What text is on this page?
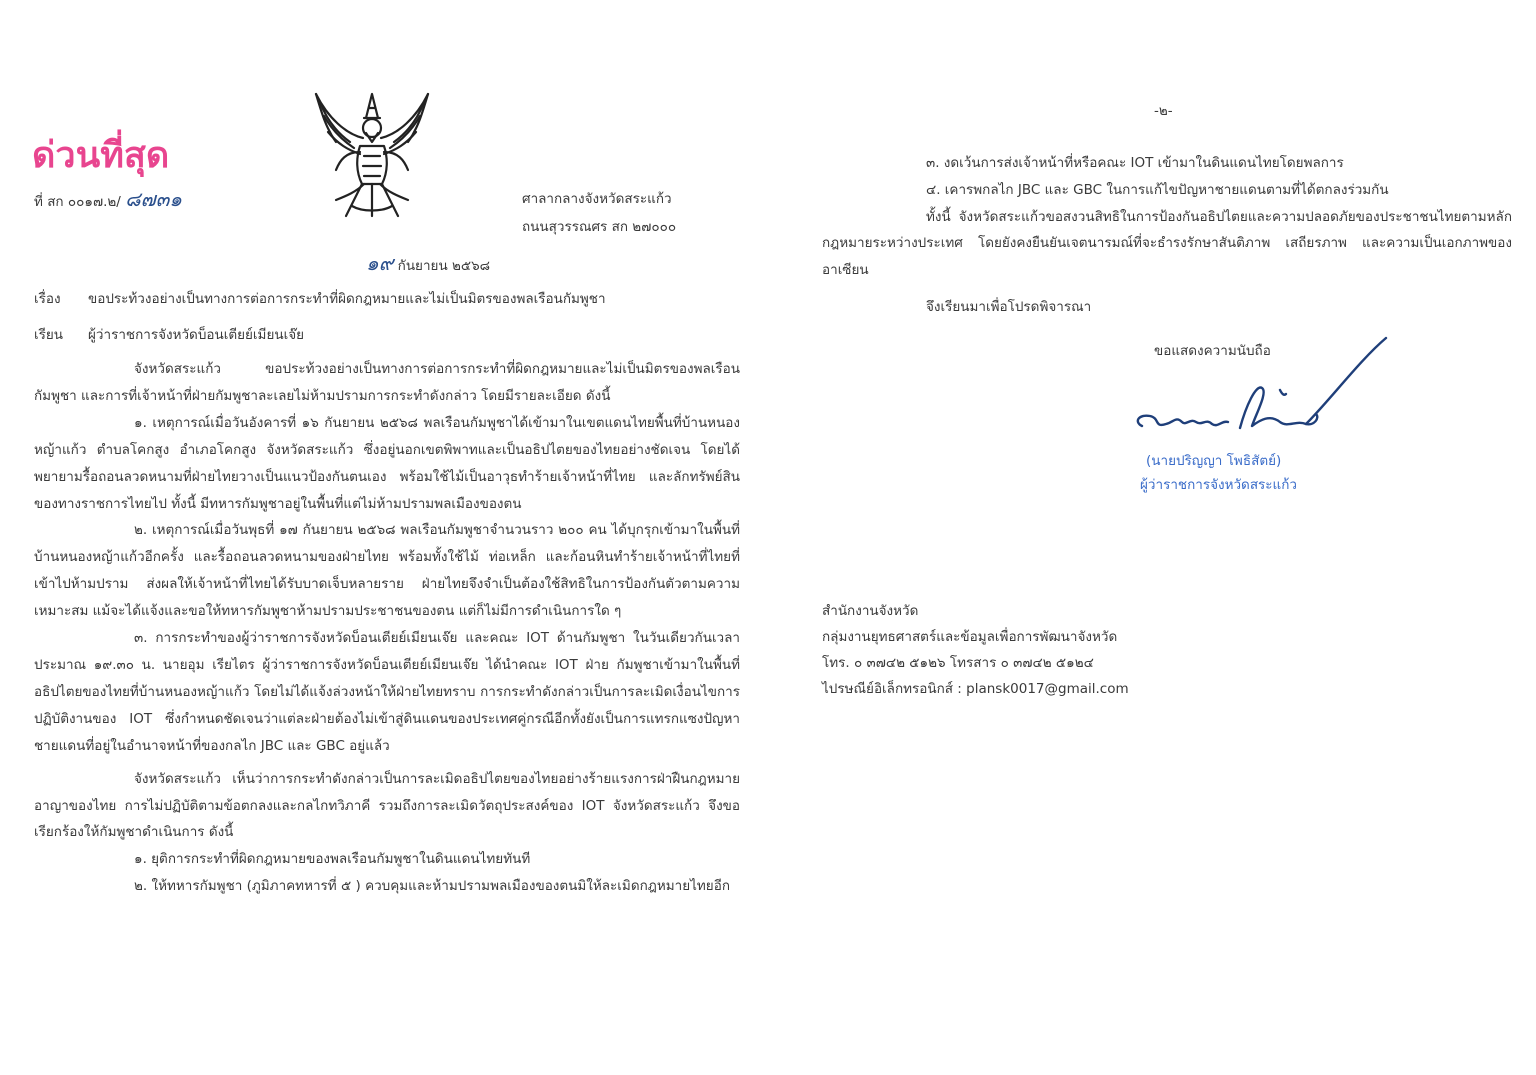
ด่วนที่สุด
ที่ สก ๐๐๑๗.๒/ ๘๗๓๑	ศาลากลางจังหวัดสระแก้ว
ถนนสุวรรณศร สก ๒๗๐๐๐
๑๙ กันยายน ๒๕๖๘
เรื่อง ขอประท้วงอย่างเป็นทางการต่อการกระทำที่ผิดกฎหมายและไม่เป็นมิตรของพลเรือนกัมพูชา
เรียน ผู้ว่าราชการจังหวัดบ็อนเตียย์เมียนเจ๊ย

จังหวัดสระแก้ว ขอประท้วงอย่างเป็นทางการต่อการกระทำที่ผิดกฎหมายและไม่เป็นมิตรของพลเรือนกัมพูชา และการที่เจ้าหน้าที่ฝ่ายกัมพูชาละเลยไม่ห้ามปรามการกระทำดังกล่าว โดยมีรายละเอียด ดังนี้

๑. เหตุการณ์เมื่อวันอังคารที่ ๑๖ กันยายน ๒๕๖๘ พลเรือนกัมพูชาได้เข้ามาในเขตแดนไทยพื้นที่บ้านหนองหญ้าแก้ว ตำบลโคกสูง อำเภอโคกสูง จังหวัดสระแก้ว ซึ่งอยู่นอกเขตพิพาทและเป็นอธิปไตยของไทยอย่างชัดเจน โดยได้พยายามรื้อถอนลวดหนามที่ฝ่ายไทยวางเป็นแนวป้องกันตนเอง พร้อมใช้ไม้เป็นอาวุธทำร้ายเจ้าหน้าที่ไทย และลักทรัพย์สินของทางราชการไทยไป ทั้งนี้ มีทหารกัมพูชาอยู่ในพื้นที่แต่ไม่ห้ามปรามพลเมืองของตน

๒. เหตุการณ์เมื่อวันพุธที่ ๑๗ กันยายน ๒๕๖๘ พลเรือนกัมพูชาจำนวนราว ๒๐๐ คน ได้บุกรุกเข้ามาในพื้นที่บ้านหนองหญ้าแก้วอีกครั้ง และรื้อถอนลวดหนามของฝ่ายไทย พร้อมทั้งใช้ไม้ ท่อเหล็ก และก้อนหินทำร้ายเจ้าหน้าที่ไทยที่เข้าไปห้ามปราม ส่งผลให้เจ้าหน้าที่ไทยได้รับบาดเจ็บหลายราย ฝ่ายไทยจึงจำเป็นต้องใช้สิทธิในการป้องกันตัวตามความเหมาะสม แม้จะได้แจ้งและขอให้ทหารกัมพูชาห้ามปรามประชาชนของตน แต่ก็ไม่มีการดำเนินการใด ๆ

๓. การกระทำของผู้ว่าราชการจังหวัดบ็อนเตียย์เมียนเจ๊ย และคณะ IOT ด้านกัมพูชา ในวันเดียวกันเวลาประมาณ ๑๙.๓๐ น. นายอุม เรียไตร ผู้ว่าราชการจังหวัดบ็อนเตียย์เมียนเจ๊ย ได้นำคณะ IOT ฝ่าย กัมพูชาเข้ามาในพื้นที่อธิปไตยของไทยที่บ้านหนองหญ้าแก้ว โดยไม่ได้แจ้งล่วงหน้าให้ฝ่ายไทยทราบ การกระทำดังกล่าวเป็นการละเมิดเงื่อนไขการปฏิบัติงานของ IOT ซึ่งกำหนดชัดเจนว่าแต่ละฝ่ายต้องไม่เข้าสู่ดินแดนของประเทศคู่กรณีอีกทั้งยังเป็นการแทรกแซงปัญหาชายแดนที่อยู่ในอำนาจหน้าที่ของกลไก JBC และ GBC อยู่แล้ว

จังหวัดสระแก้ว เห็นว่าการกระทำดังกล่าวเป็นการละเมิดอธิปไตยของไทยอย่างร้ายแรงการฝ่าฝืนกฎหมายอาญาของไทย การไม่ปฏิบัติตามข้อตกลงและกลไกทวิภาคี รวมถึงการละเมิดวัตถุประสงค์ของ IOT จังหวัดสระแก้ว จึงขอเรียกร้องให้กัมพูชาดำเนินการ ดังนี้

๑. ยุติการกระทำที่ผิดกฎหมายของพลเรือนกัมพูชาในดินแดนไทยทันที

๒. ให้ทหารกัมพูชา (ภูมิภาคทหารที่ ๕ ) ควบคุมและห้ามปรามพลเมืองของตนมิให้ละเมิดกฎหมายไทยอีก

-๒-

๓. งดเว้นการส่งเจ้าหน้าที่หรือคณะ IOT เข้ามาในดินแดนไทยโดยพลการ

๔. เคารพกลไก JBC และ GBC ในการแก้ไขปัญหาชายแดนตามที่ได้ตกลงร่วมกัน

ทั้งนี้ จังหวัดสระแก้วขอสงวนสิทธิในการป้องกันอธิปไตยและความปลอดภัยของประชาชนไทยตามหลักกฎหมายระหว่างประเทศ โดยยังคงยืนยันเจตนารมณ์ที่จะธำรงรักษาสันติภาพ เสถียรภาพ และความเป็นเอกภาพของอาเซียน

จึงเรียนมาเพื่อโปรดพิจารณา

ขอแสดงความนับถือ
(นายปริญญา โพธิสัตย์)
ผู้ว่าราชการจังหวัดสระแก้ว
สำนักงานจังหวัด
กลุ่มงานยุทธศาสตร์และข้อมูลเพื่อการพัฒนาจังหวัด
โทร. ๐ ๓๗๔๒ ๕๑๒๖ โทรสาร ๐ ๓๗๔๒ ๕๑๒๔
ไปรษณีย์อิเล็กทรอนิกส์ : plansk0017@gmail.com
